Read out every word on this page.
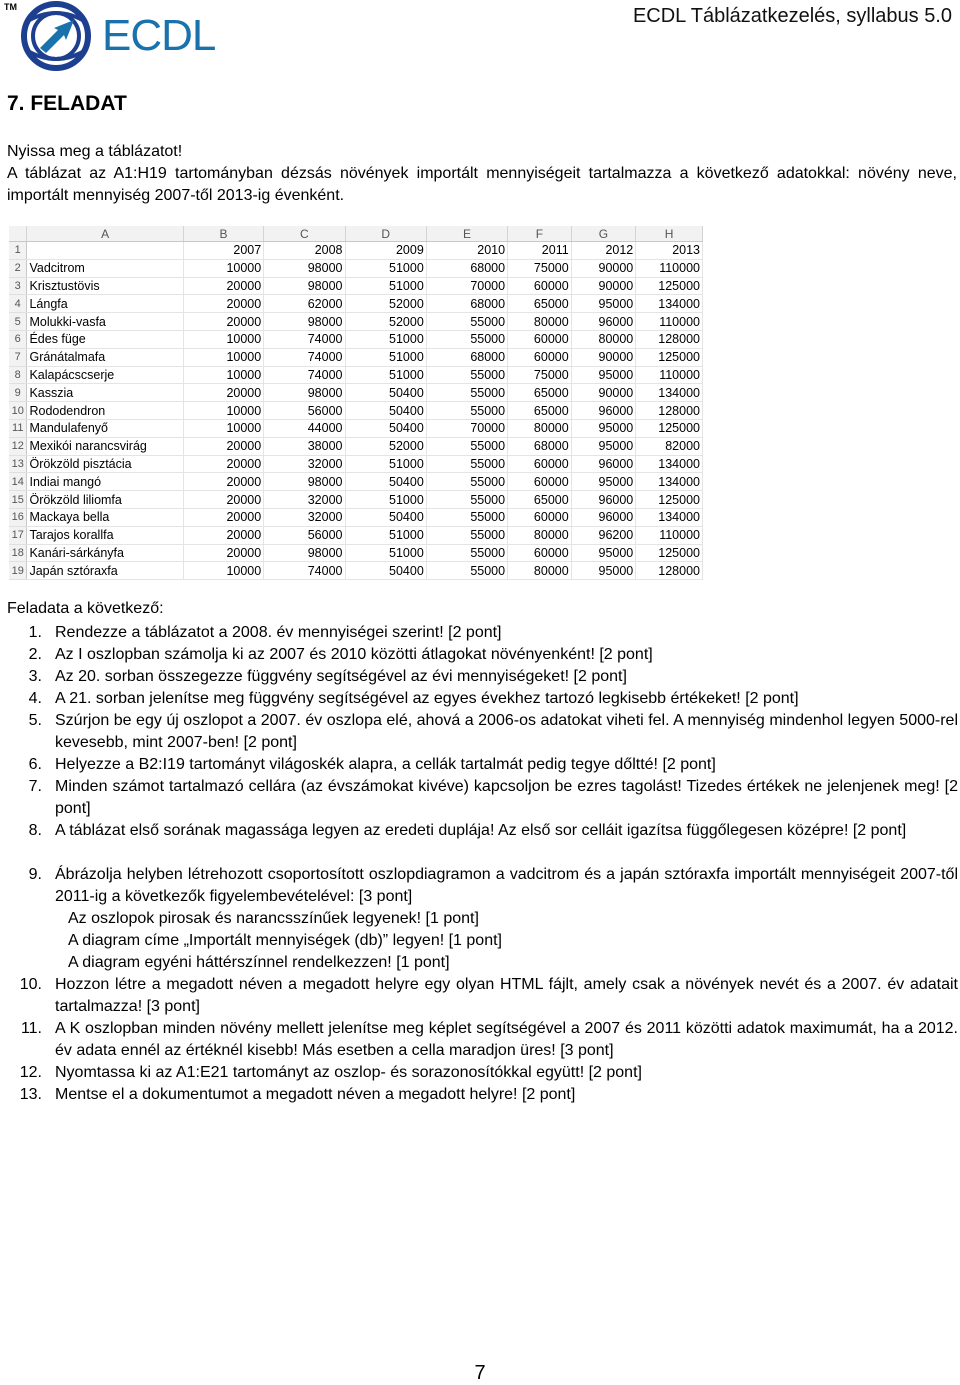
TM
ECDL	ECDL Táblázatkezelés, syllabus 5.0
7. FELADAT

Nyissa meg a táblázatot!

A táblázat az A1:H19 tartományban dézsás növények importált mennyiségeit tartalmazza a következő adatokkal: növény neve, importált mennyiség 2007-től 2013-ig évenként.

	A	B	C	D	E	F	G	H
1		2007	2008	2009	2010	2011	2012	2013
2	Vadcitrom	10000	98000	51000	68000	75000	90000	110000
3	Krisztustövis	20000	98000	51000	70000	60000	90000	125000
4	Lángfa	20000	62000	52000	68000	65000	95000	134000
5	Molukki-vasfa	20000	98000	52000	55000	80000	96000	110000
6	Édes füge	10000	74000	51000	55000	60000	80000	128000
7	Gránátalmafa	10000	74000	51000	68000	60000	90000	125000
8	Kalapácscserje	10000	74000	51000	55000	75000	95000	110000
9	Kasszia	20000	98000	50400	55000	65000	90000	134000
10	Rododendron	10000	56000	50400	55000	65000	96000	128000
11	Mandulafenyő	10000	44000	50400	70000	80000	95000	125000
12	Mexikói narancsvirág	20000	38000	52000	55000	68000	95000	82000
13	Örökzöld pisztácia	20000	32000	51000	55000	60000	96000	134000
14	Indiai mangó	20000	98000	50400	55000	60000	95000	134000
15	Örökzöld liliomfa	20000	32000	51000	55000	65000	96000	125000
16	Mackaya bella	20000	32000	50400	55000	60000	96000	134000
17	Tarajos korallfa	20000	56000	51000	55000	80000	96200	110000
18	Kanári-sárkányfa	20000	98000	51000	55000	60000	95000	125000
19	Japán sztóraxfa	10000	74000	50400	55000	80000	95000	128000

Feladata a következő:

1. Rendezze a táblázatot a 2008. év mennyiségei szerint! [2 pont]
2. Az I oszlopban számolja ki az 2007 és 2010 közötti átlagokat növényenként! [2 pont]
3. Az 20. sorban összegezze függvény segítségével az évi mennyiségeket! [2 pont]
4. A 21. sorban jelenítse meg függvény segítségével az egyes évekhez tartozó legkisebb értékeket! [2 pont]
5. Szúrjon be egy új oszlopot a 2007. év oszlopa elé, ahová a 2006-os adatokat viheti fel. A mennyiség mindenhol legyen 5000-rel kevesebb, mint 2007-ben! [2 pont]
6. Helyezze a B2:I19 tartományt világoskék alapra, a cellák tartalmát pedig tegye dőltté! [2 pont]
7. Minden számot tartalmazó cellára (az évszámokat kivéve) kapcsoljon be ezres tagolást! Tizedes értékek ne jelenjenek meg! [2 pont]
8. A táblázat első sorának magassága legyen az eredeti duplája! Az első sor celláit igazítsa függőlegesen középre! [2 pont]
9. Ábrázolja helyben létrehozott csoportosított oszlopdiagramon a vadcitrom és a japán sztóraxfa importált mennyiségeit 2007-től 2011-ig a következők figyelembevételével: [3 pont]
Az oszlopok pirosak és narancsszínűek legyenek! [1 pont]
A diagram címe „Importált mennyiségek (db)” legyen! [1 pont]
A diagram egyéni háttérszínnel rendelkezzen! [1 pont]
10. Hozzon létre a megadott néven a megadott helyre egy olyan HTML fájlt, amely csak a növények nevét és a 2007. év adatait tartalmazza! [3 pont]
11. A K oszlopban minden növény mellett jelenítse meg képlet segítségével a 2007 és 2011 közötti adatok maximumát, ha a 2012. év adata ennél az értéknél kisebb! Más esetben a cella maradjon üres! [3 pont]
12. Nyomtassa ki az A1:E21 tartományt az oszlop- és sorazonosítókkal együtt! [2 pont]
13. Mentse el a dokumentumot a megadott néven a megadott helyre! [2 pont]
7
